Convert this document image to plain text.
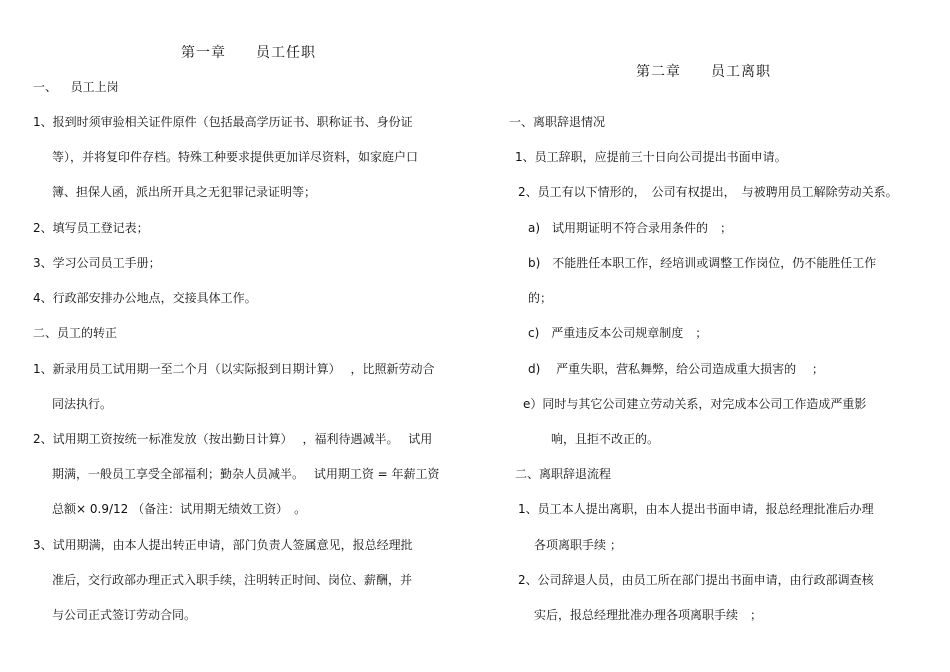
第一章　　员工任职
一、　  员工上岗
1、报到时须审验相关证件原件（包括最高学历证书、职称证书、身份证
等），并将复印件存档。特殊工种要求提供更加详尽资料，如家庭户口
簿、担保人函，派出所开具之无犯罪记录证明等；
2、填写员工登记表；
3、学习公司员工手册；
4、行政部安排办公地点，交接具体工作。
二、员工的转正
1、新录用员工试用期一至二个月（以实际报到日期计算）　 ，比照新劳动合
同法执行。
2、试用期工资按统一标准发放（按出勤日计算）　 ，福利待遇减半。　 试用
期满，一般员工享受全部福利；勤杂人员减半。　 试用期工资 = 年薪工资
总额× 0.9/12 （备注：试用期无绩效工资）　。
3、试用期满，由本人提出转正申请，部门负责人签属意见，报总经理批
准后，交行政部办理正式入职手续，注明转正时间、岗位、薪酬，并
与公司正式签订劳动合同。
第二章　　员工离职
一、离职辞退情况
1、员工辞职，应提前三十日向公司提出书面申请。
2、员工有以下情形的，　公司有权提出，　与被聘用员工解除劳动关系。
a)　试用期证明不符合录用条件的　；
b)　不能胜任本职工作，经培训或调整工作岗位，仍不能胜任工作
的；
c)　严重违反本公司规章制度　；
d)　 严重失职，营私舞弊，给公司造成重大损害的　 ；
e）同时与其它公司建立劳动关系，对完成本公司工作造成严重影
响，且拒不改正的。
二、离职辞退流程
1、员工本人提出离职，由本人提出书面申请，报总经理批准后办理
各项离职手续 ；
2、公司辞退人员，由员工所在部门提出书面申请，由行政部调查核
实后，报总经理批准办理各项离职手续　；
